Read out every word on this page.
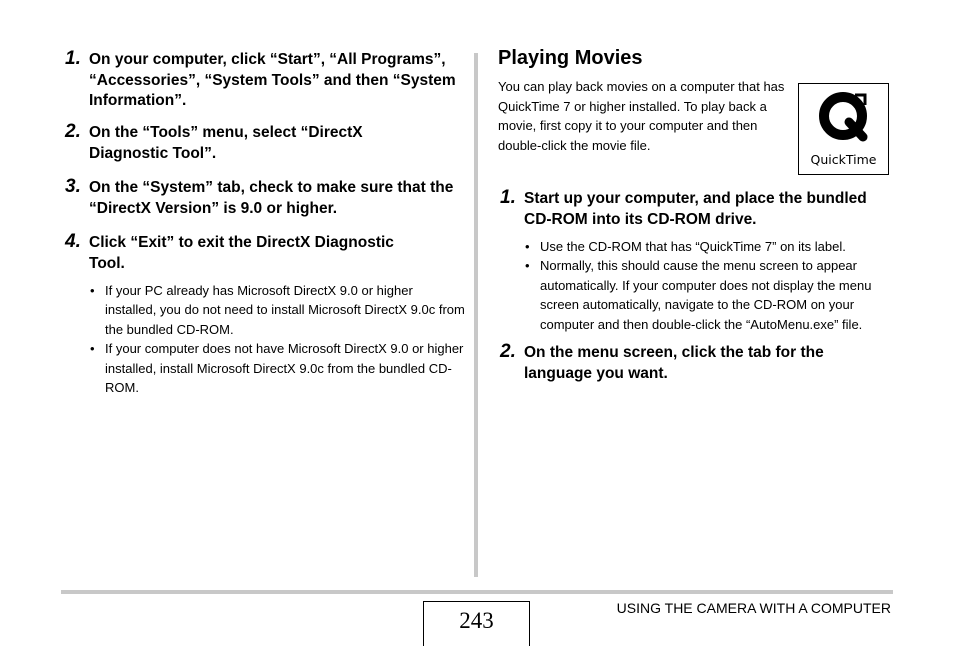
1. On your computer, click “Start”, “All Programs”, “Accessories”, “System Tools” and then “System Information”.
2. On the “Tools” menu, select “DirectX Diagnostic Tool”.
3. On the “System” tab, check to make sure that the “DirectX Version” is 9.0 or higher.
4. Click “Exit” to exit the DirectX Diagnostic Tool.
• If your PC already has Microsoft DirectX 9.0 or higher installed, you do not need to install Microsoft DirectX 9.0c from the bundled CD-ROM.
• If your computer does not have Microsoft DirectX 9.0 or higher installed, install Microsoft DirectX 9.0c from the bundled CD-ROM.
Playing Movies
You can play back movies on a computer that has QuickTime 7 or higher installed. To play back a movie, first copy it to your computer and then double-click the movie file.
QuickTime
1. Start up your computer, and place the bundled CD-ROM into its CD-ROM drive.
• Use the CD-ROM that has “QuickTime 7” on its label.
• Normally, this should cause the menu screen to appear automatically. If your computer does not display the menu screen automatically, navigate to the CD-ROM on your computer and then double-click the “AutoMenu.exe” file.
2. On the menu screen, click the tab for the language you want.
243	USING THE CAMERA WITH A COMPUTER
